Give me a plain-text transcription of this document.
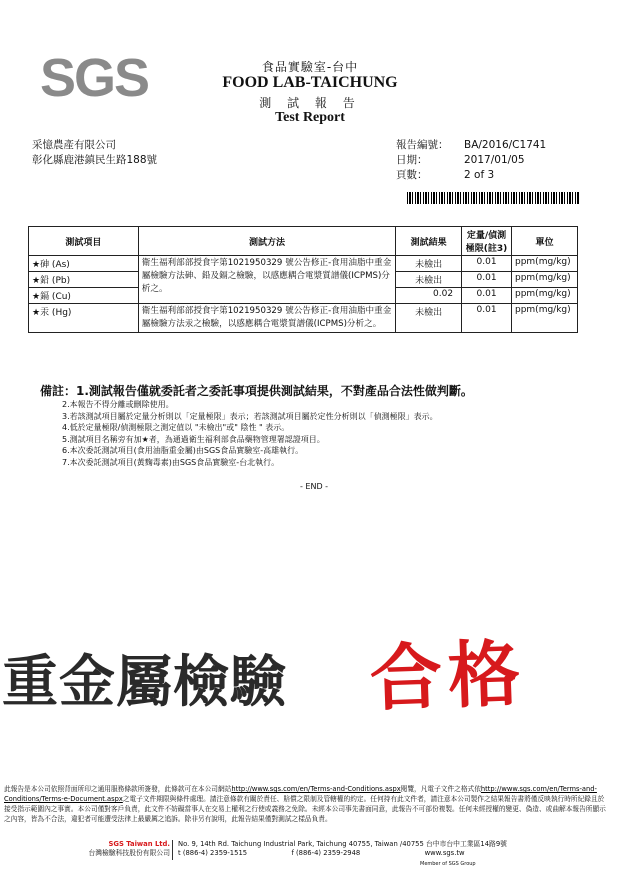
SGS	食品實驗室-台中
FOOD LAB-TAICHUNG
測 試 報 告
Test Report
采憶農產有限公司
彰化縣鹿港鎮民生路188號
報告編號： BA/2016/C1741
日期：	2017/01/05
頁數：	2 of 3
測試項目	測試方法	測試結果	定量/偵測極限(註3)	單位
★砷 (As)	衛生福利部部授食字第1021950329 號公告修正-食用油脂中重金屬檢驗方法砷、鉛及鎘之檢驗，以感應耦合電漿質譜儀(ICPMS)分析之。	未檢出	0.01	ppm(mg/kg)
★鉛 (Pb)		未檢出	0.01	ppm(mg/kg)
★鎘 (Cu)		0.02	0.01	ppm(mg/kg)
★汞 (Hg)	衛生福利部部授食字第1021950329 號公告修正-食用油脂中重金屬檢驗方法汞之檢驗，以感應耦合電漿質譜儀(ICPMS)分析之。	未檢出	0.01	ppm(mg/kg)
備註：1.測試報告僅就委託者之委託事項提供測試結果，不對產品合法性做判斷。
2.本報告不得分離或刪除使用。
3.若該測試項目屬於定量分析則以「定量極限」表示；若該測試項目屬於定性分析則以「偵測極限」表示。
4.低於定量極限/偵測極限之測定值以 "未檢出"或" 陰性 " 表示。
5.測試項目名稱旁有加★者，為通過衛生福利部食品藥物管理署認證項目。
6.本次委託測試項目(食用油脂重金屬)由SGS食品實驗室-高雄執行。
7.本次委託測試項目(黃麴毒素)由SGS食品實驗室-台北執行。
- END -
重金屬檢驗 合格
此報告是本公司依照背面所印之通用服務條款所簽發，此條款可在本公司網站http://www.sgs.com/en/Terms-and-Conditions.aspx閱覽，凡電子文件之格式依http://www.sgs.com/en/Terms-and-Conditions/Terms-e-Document.aspx之電子文件期限與條件處理。請注意條款有關於責任、賠償之限制及管轄權的約定。任何持有此文件者，請注意本公司製作之結果報告書將僅反映執行時所紀錄且於接受指示範圍內之事實。本公司僅對客戶負責，此文件不妨礙當事人在交易上權利之行使或義務之免除。未經本公司事先書面同意，此報告不可部份複製。任何未經授權的變更、偽造、或曲解本報告所顯示之內容，皆為不合法，違犯者可能遭受法律上最嚴厲之追訴。除非另有說明，此報告結果僅對測試之樣品負責。
SGS Taiwan Ltd.
台灣檢驗科技股份有限公司
No. 9, 14th Rd. Taichung Industrial Park, Taichung 40755, Taiwan /40755 台中市台中工業區14路9號
t (886-4) 2359-1515	f (886-4) 2359-2948	www.sgs.tw
Member of SGS Group
